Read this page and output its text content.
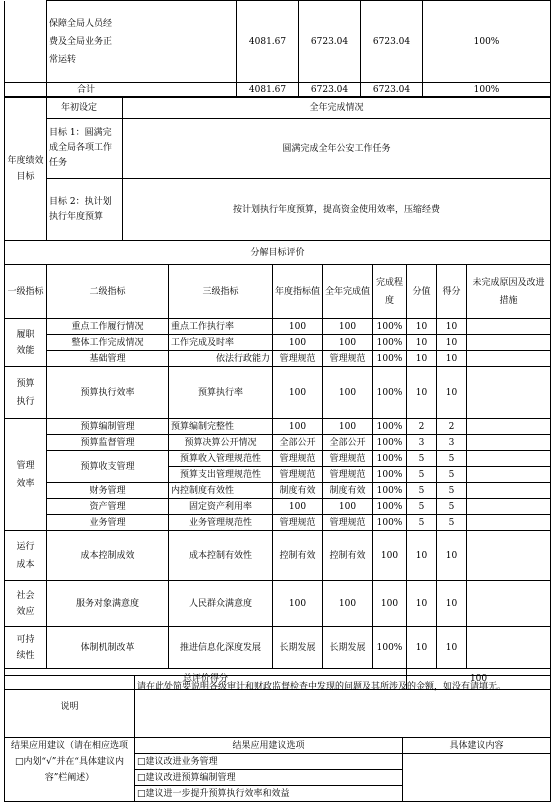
	保障全局人员经费及全局业务正常运转	4081.67	6723.04	6723.04	100%
	合计	4081.67	6723.04	6723.04	100%
年度绩效目标	年初设定	全年完成情况
	目标 1：圆满完成全局各项工作任务	圆满完成全年公安工作任务
	目标 2：执计划执行年度预算	按计划执行年度预算，提高资金使用效率，压缩经费
分解目标评价								
一级指标	二级指标	三级指标	年度指标值	全年完成值	完成程度	分值	得分	未完成原因及改进措施
履职效能	重点工作履行情况	重点工作执行率	100	100	100%	10	10	
	整体工作完成情况	工作完成及时率	100	100	100%	10	10	
	基础管理	依法行政能力	管理规范	管理规范	100%	10	10	
预算执行	预算执行效率	预算执行率	100	100	100%	10	10	
管理效率	预算编制管理	预算编制完整性	100	100	100%	2	2	
	预算监督管理	预算决算公开情况	全部公开	全部公开	100%	3	3	
	预算收支管理	预算收入管理规范性	管理规范	管理规范	100%	5	5	
		预算支出管理规范性	管理规范	管理规范	100%	5	5	
	财务管理	内控制度有效性	制度有效	制度有效	100%	5	5	
	资产管理	固定资产利用率	100	100	100%	5	5	
	业务管理	业务管理规范性	管理规范	管理规范	100%	5	5	
运行成本	成本控制成效	成本控制有效性	控制有效	控制有效	100	10	10	
社会效应	服务对象满意度	人民群众满意度	100	100	100	10	10	
可持续性	体制机制改革	推进信息化深度发展	长期发展	长期发展	100%	10	10	
总评价得分						100		
说明	请在此处简要说明各级审计和财政监督检查中发现的问题及其所涉及的金额，如没有请填无。	
结果应用建议（请在相应选项□内划“√”并在“具体建议内容”栏阐述）	结果应用建议选项	具体建议内容
	□建议改进业务管理	
	□建议改进预算编制管理	
	□建议进一步提升预算执行效率和效益	
